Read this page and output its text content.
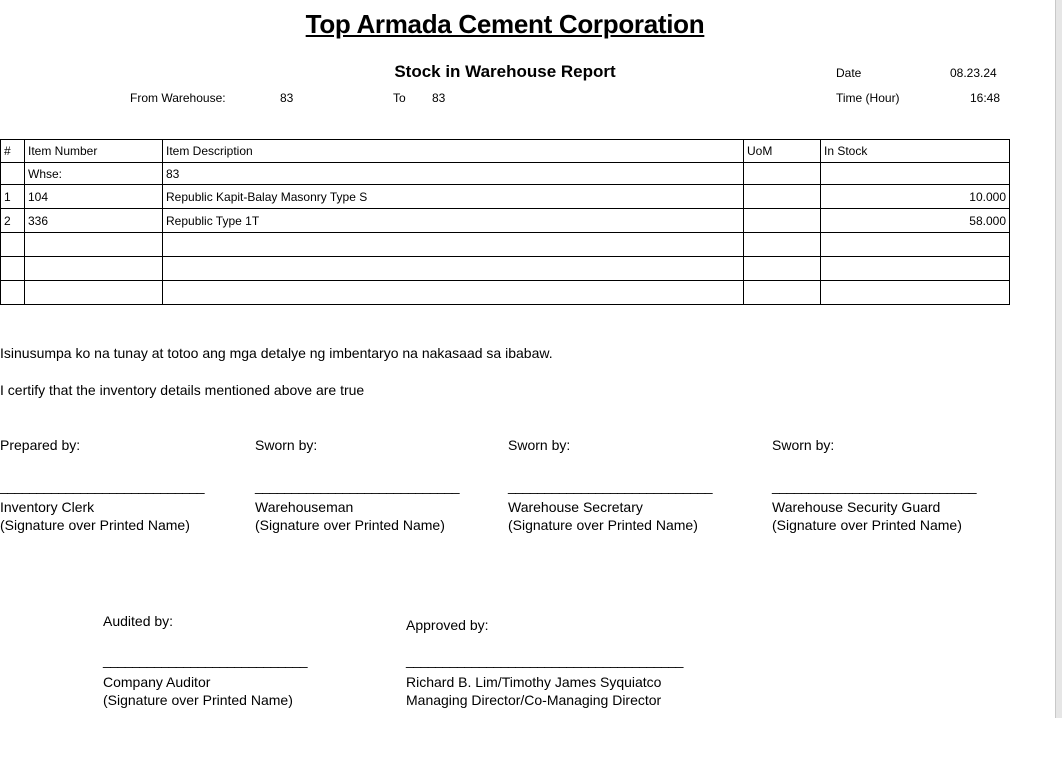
Top Armada Cement Corporation
Stock in Warehouse Report	Date	08.23.24
Time (Hour)	16:48
From Warehouse:	83	To 83
#	Item Number	Item Description	UoM	In Stock
	Whse:	83		
1	104	Republic Kapit-Balay Masonry Type S		10.000
2	336	Republic Type 1T		58.000

Isinusumpa ko na tunay at totoo ang mga detalye ng imbentaryo na nakasaad sa ibabaw.
I certify that the inventory details mentioned above are true
Prepared by:	Sworn by:	Sworn by:	Sworn by:
____________________________	____________________________	____________________________	____________________________
Inventory Clerk
(Signature over Printed Name)
Warehouseman
(Signature over Printed Name)
Warehouse Secretary
(Signature over Printed Name)
Warehouse Security Guard
(Signature over Printed Name)
Audited by:	Approved by:
____________________________	______________________________________
Company Auditor
(Signature over Printed Name)
Richard B. Lim/Timothy James Syquiatco
Managing Director/Co-Managing Director
